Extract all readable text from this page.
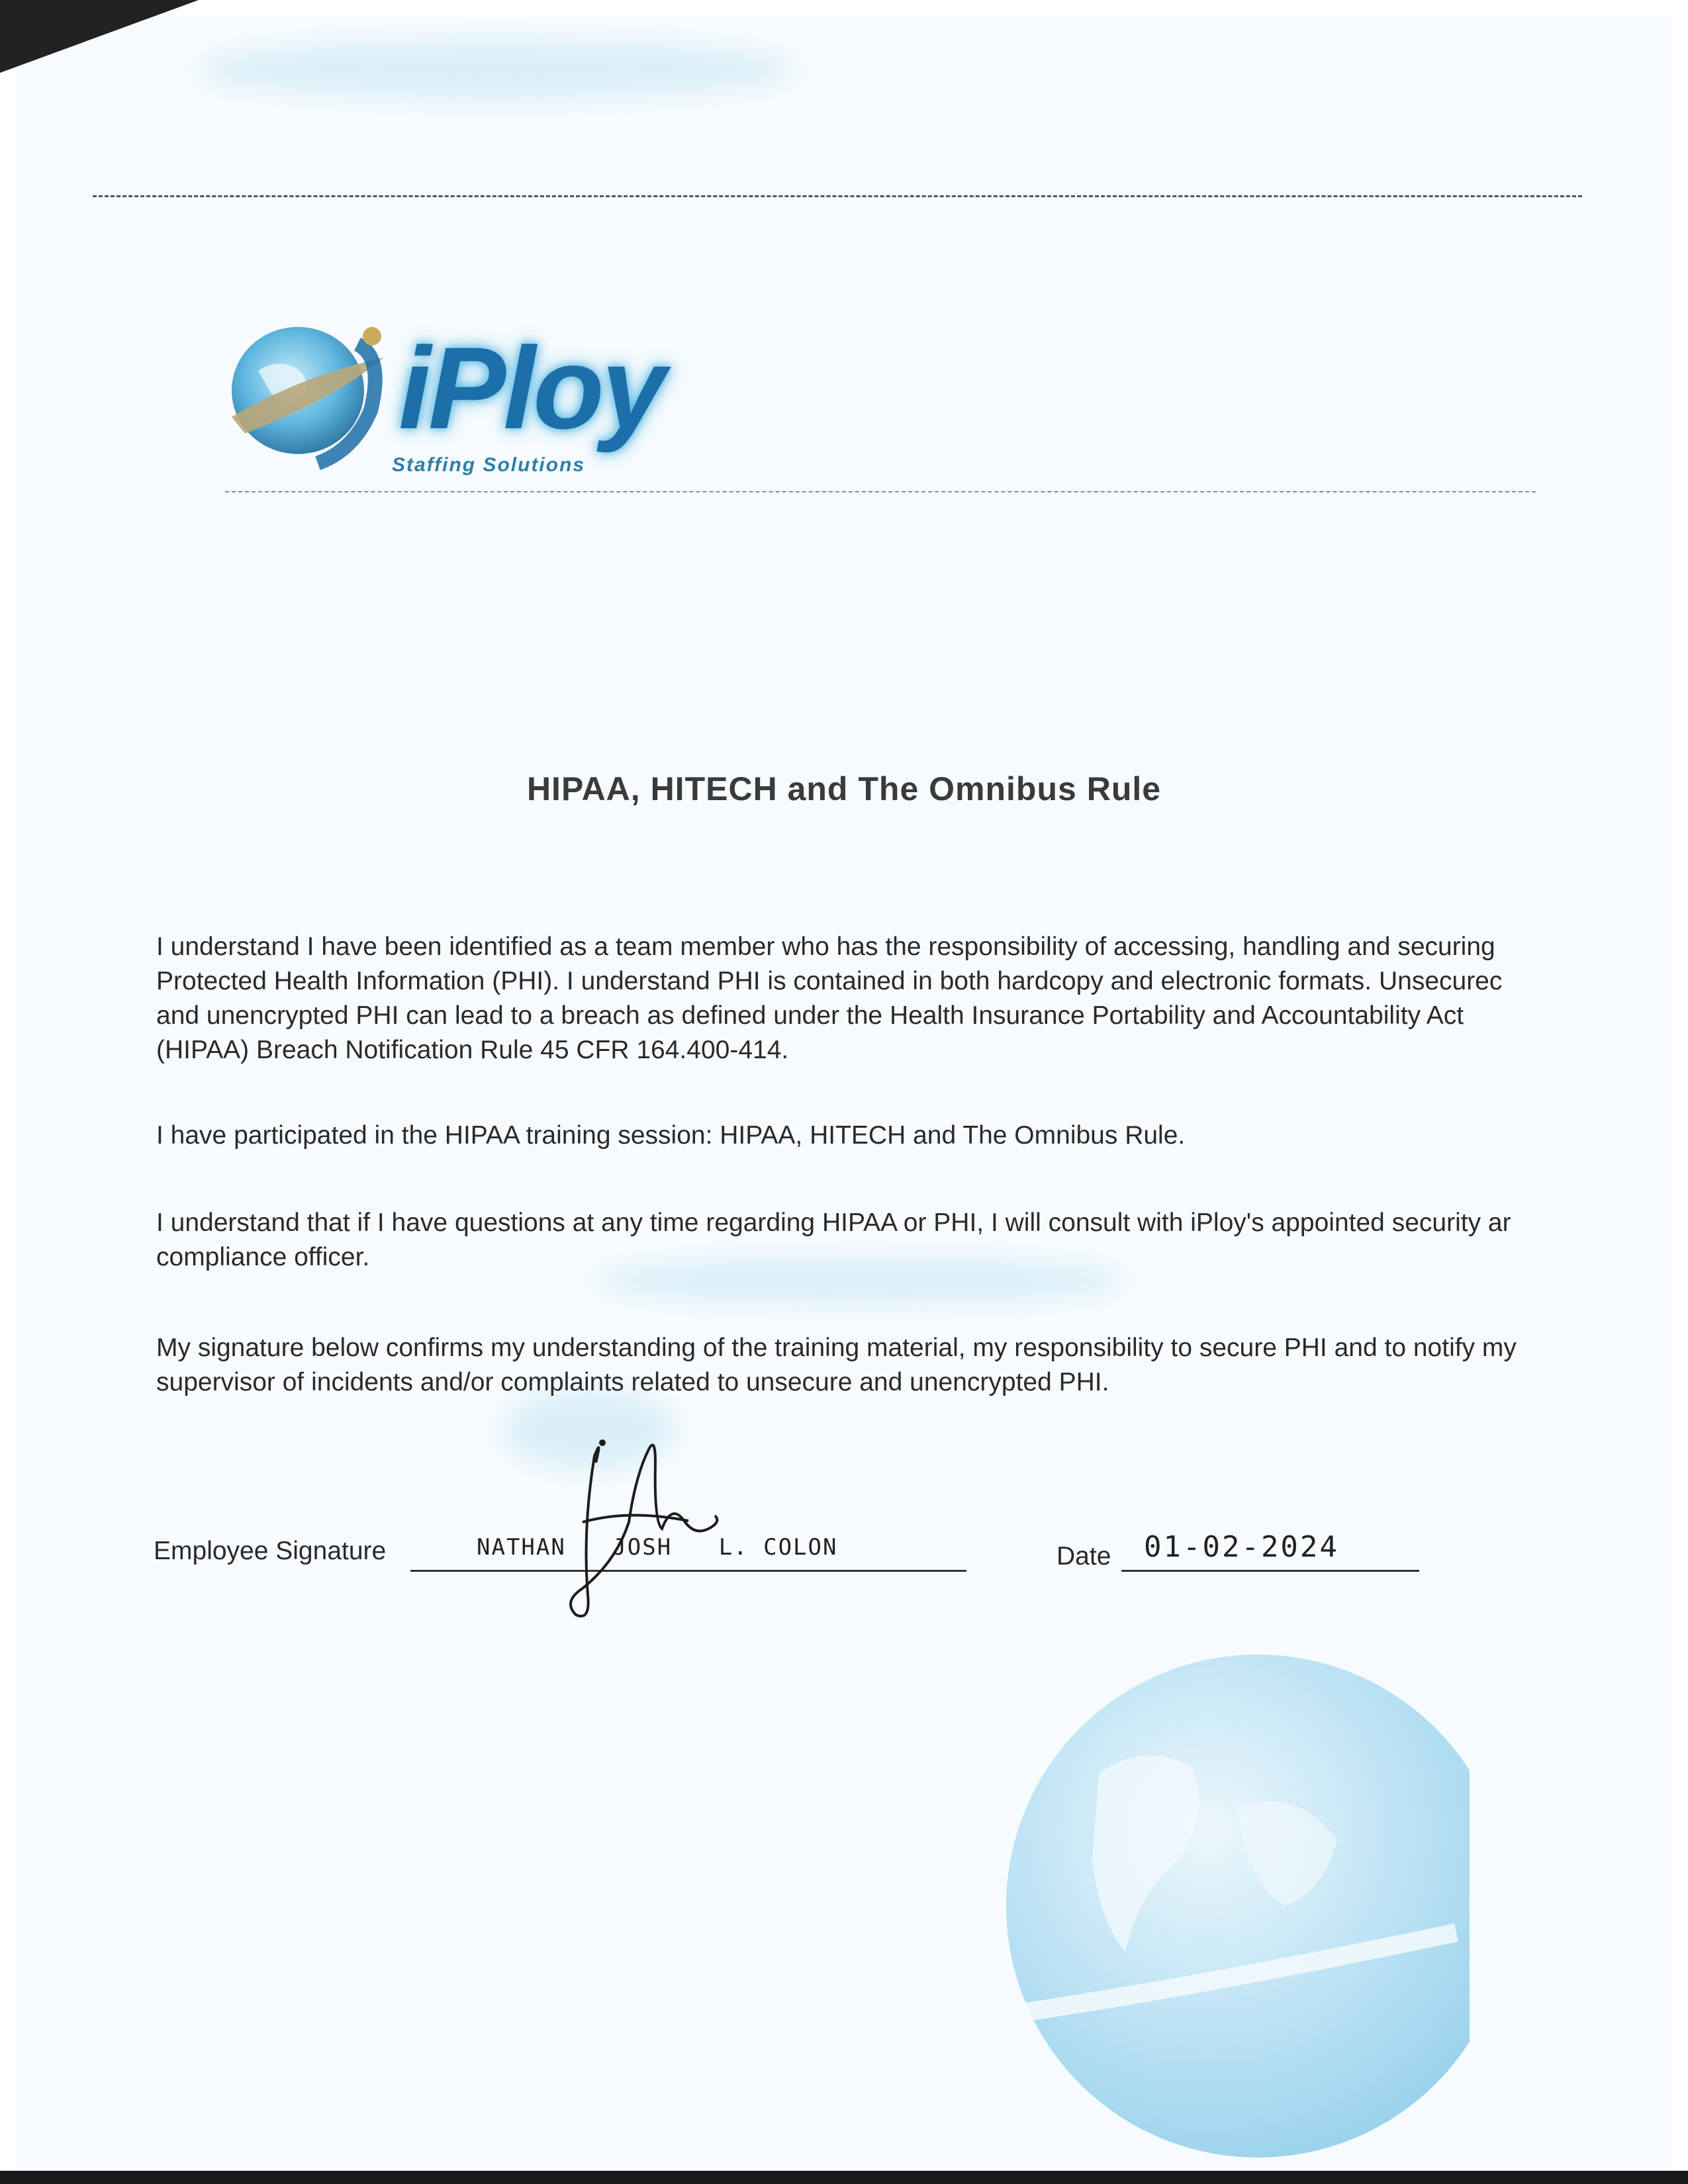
iPloy
Staffing Solutions
HIPAA, HITECH and The Omnibus Rule
I understand I have been identified as a team member who has the responsibility of accessing, handling and securing
Protected Health Information (PHI). I understand PHI is contained in both hardcopy and electronic formats. Unsecurec
and unencrypted PHI can lead to a breach as defined under the Health Insurance Portability and Accountability Act
(HIPAA) Breach Notification Rule 45 CFR 164.400-414.
I have participated in the HIPAA training session: HIPAA, HITECH and The Omnibus Rule.
I understand that if I have questions at any time regarding HIPAA or PHI, I will consult with iPloy's appointed security ar
compliance officer.
My signature below confirms my understanding of the training material, my responsibility to secure PHI and to notify my
supervisor of incidents and/or complaints related to unsecure and unencrypted PHI.
Employee Signature	NATHAN JOSH L. COLON	Date 01-02-2024
